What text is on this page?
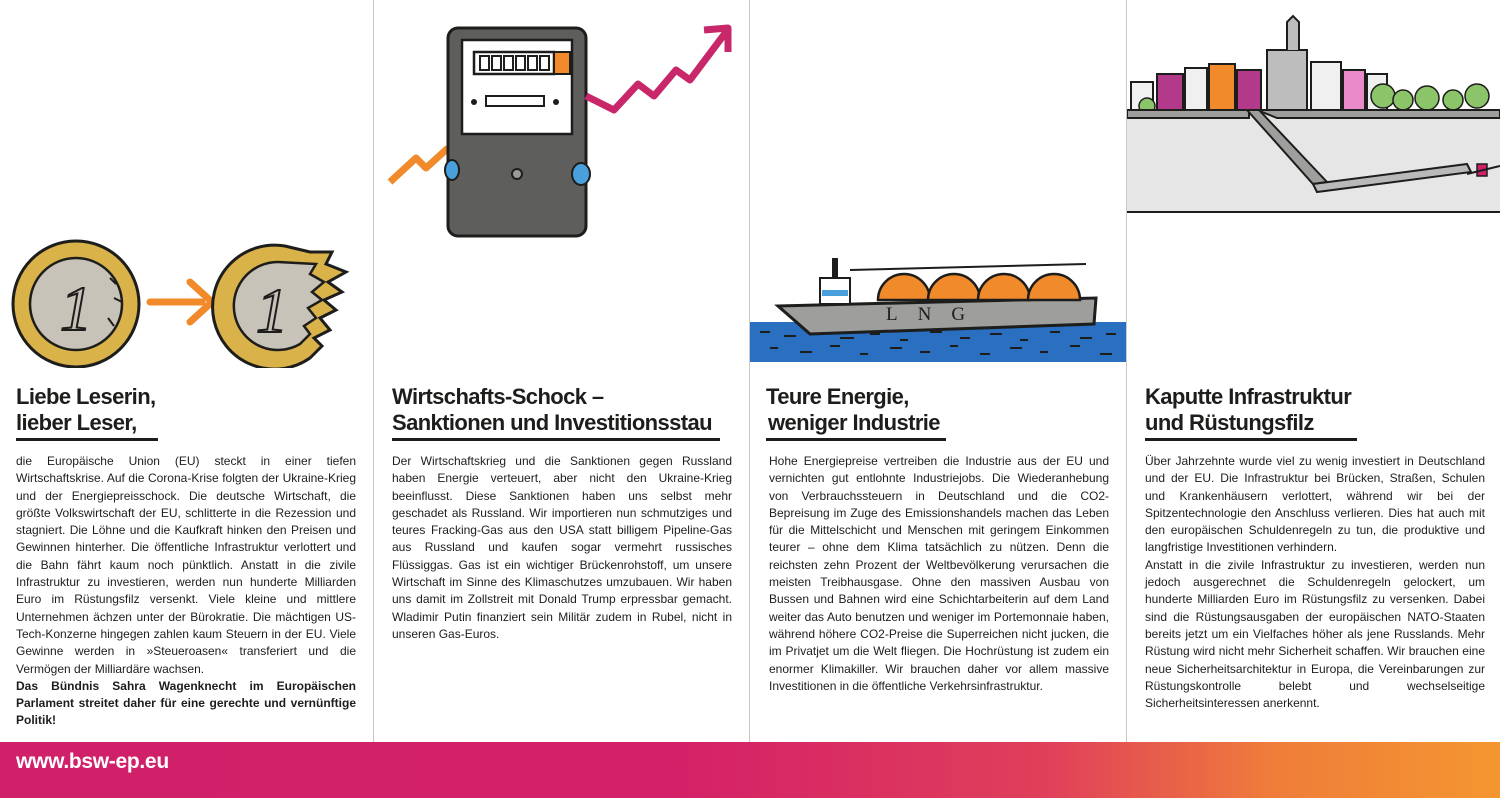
1	1
Liebe Leserin,
lieber Leser,

die Europäische Union (EU) steckt in einer tiefen Wirtschaftskrise. Auf die Corona-Krise folgten der Ukraine-Krieg und der Energiepreisschock. Die deutsche Wirtschaft, die größte Volkswirtschaft der EU, schlitterte in die Rezession und stagniert. Die Löhne und die Kaufkraft hinken den Preisen und Gewinnen hinterher. Die öffentliche Infrastruktur verlottert und die Bahn fährt kaum noch pünktlich. Anstatt in die zivile Infrastruktur zu investieren, werden nun hunderte Milliarden Euro im Rüstungsfilz versenkt. Viele kleine und mittlere Unternehmen ächzen unter der Bürokratie. Die mächtigen US-Tech-Konzerne hingegen zahlen kaum Steuern in der EU. Viele Gewinne werden in »Steueroasen« transferiert und die Vermögen der Milliardäre wachsen.

Das Bündnis Sahra Wagenknecht im Europäischen Parlament streitet daher für eine gerechte und vernünftige Politik!

Wirtschafts-Schock –
Sanktionen und Investitionsstau

Der Wirtschaftskrieg und die Sanktionen gegen Russland haben Energie verteuert, aber nicht den Ukraine-Krieg beeinflusst. Diese Sanktionen haben uns selbst mehr geschadet als Russland. Wir importieren nun schmutziges und teures Fracking-Gas aus den USA statt billigem Pipeline-Gas aus Russland und kaufen sogar vermehrt russisches Flüssiggas. Gas ist ein wichtiger Brückenrohstoff, um unsere Wirtschaft im Sinne des Klimaschutzes umzubauen. Wir haben uns damit im Zollstreit mit Donald Trump erpressbar gemacht. Wladimir Putin finanziert sein Militär zudem in Rubel, nicht in unseren Gas-Euros.

LNG
Teure Energie,
weniger Industrie

Hohe Energiepreise vertreiben die Industrie aus der EU und vernichten gut entlohnte Industriejobs. Die Wiederanhebung von Verbrauchssteuern in Deutschland und die CO2-Bepreisung im Zuge des Emissionshandels machen das Leben für die Mittelschicht und Menschen mit geringem Einkommen teurer – ohne dem Klima tatsächlich zu nützen. Denn die reichsten zehn Prozent der Weltbevölkerung verursachen die meisten Treibhausgase. Ohne den massiven Ausbau von Bussen und Bahnen wird eine Schichtarbeiterin auf dem Land weiter das Auto benutzen und weniger im Portemonnaie haben, während höhere CO2-Preise die Superreichen nicht jucken, die im Privatjet um die Welt fliegen. Die Hochrüstung ist zudem ein enormer Klimakiller. Wir brauchen daher vor allem massive Investitionen in die öffentliche Verkehrsinfrastruktur.

Kaputte Infrastruktur
und Rüstungsfilz

Über Jahrzehnte wurde viel zu wenig investiert in Deutschland und der EU. Die Infrastruktur bei Brücken, Straßen, Schulen und Krankenhäusern verlottert, während wir bei der Spitzentechnologie den Anschluss verlieren. Dies hat auch mit den europäischen Schuldenregeln zu tun, die produktive und langfristige Investitionen verhindern.

Anstatt in die zivile Infrastruktur zu investieren, werden nun jedoch ausgerechnet die Schuldenregeln gelockert, um hunderte Milliarden Euro im Rüstungsfilz zu versenken. Dabei sind die Rüstungsausgaben der europäischen NATO-Staaten bereits jetzt um ein Vielfaches höher als jene Russlands. Mehr Rüstung wird nicht mehr Sicherheit schaffen. Wir brauchen eine neue Sicherheitsarchitektur in Europa, die Vereinbarungen zur Rüstungskontrolle belebt und wechselseitige Sicherheitsinteressen anerkennt.

www.bsw-ep.eu
